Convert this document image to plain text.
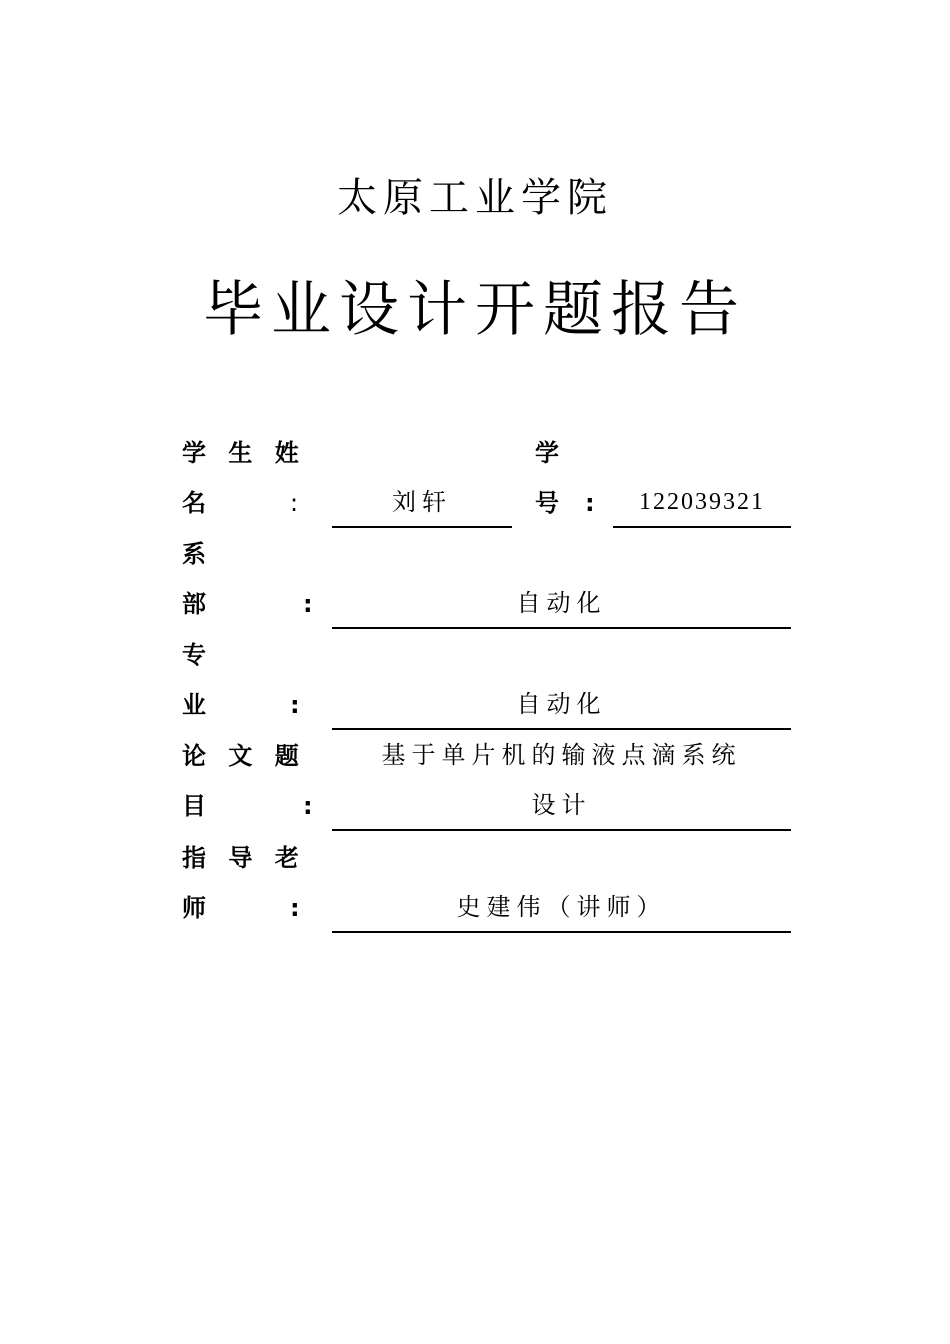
太原工业学院
毕业设计开题报告
学 生 姓
名	:	刘轩
学
号 :	122039321
系
部	:	自动化
专
业	:	自动化
论 文 题
目	:
基于单片机的输液点滴系统
设计
指 导 老
师	:	史建伟（讲师）
